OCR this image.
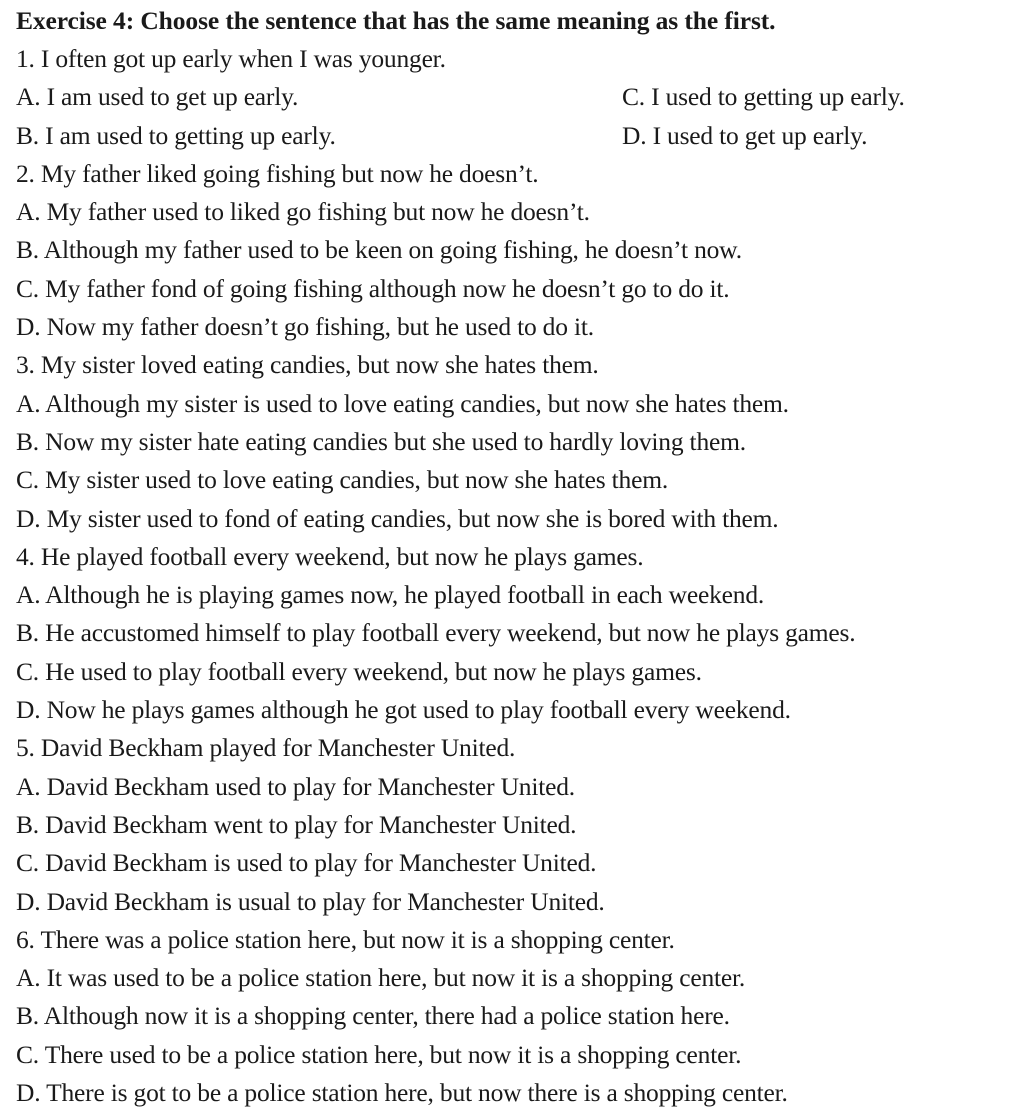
Exercise 4: Choose the sentence that has the same meaning as the first.
1. I often got up early when I was younger.
A. I am used to get up early.	C. I used to getting up early.
B. I am used to getting up early.	D. I used to get up early.
2. My father liked going fishing but now he doesn’t.
A. My father used to liked go fishing but now he doesn’t.
B. Although my father used to be keen on going fishing, he doesn’t now.
C. My father fond of going fishing although now he doesn’t go to do it.
D. Now my father doesn’t go fishing, but he used to do it.
3. My sister loved eating candies, but now she hates them.
A. Although my sister is used to love eating candies, but now she hates them.
B. Now my sister hate eating candies but she used to hardly loving them.
C. My sister used to love eating candies, but now she hates them.
D. My sister used to fond of eating candies, but now she is bored with them.
4. He played football every weekend, but now he plays games.
A. Although he is playing games now, he played football in each weekend.
B. He accustomed himself to play football every weekend, but now he plays games.
C. He used to play football every weekend, but now he plays games.
D. Now he plays games although he got used to play football every weekend.
5. David Beckham played for Manchester United.
A. David Beckham used to play for Manchester United.
B. David Beckham went to play for Manchester United.
C. David Beckham is used to play for Manchester United.
D. David Beckham is usual to play for Manchester United.
6. There was a police station here, but now it is a shopping center.
A. It was used to be a police station here, but now it is a shopping center.
B. Although now it is a shopping center, there had a police station here.
C. There used to be a police station here, but now it is a shopping center.
D. There is got to be a police station here, but now there is a shopping center.
